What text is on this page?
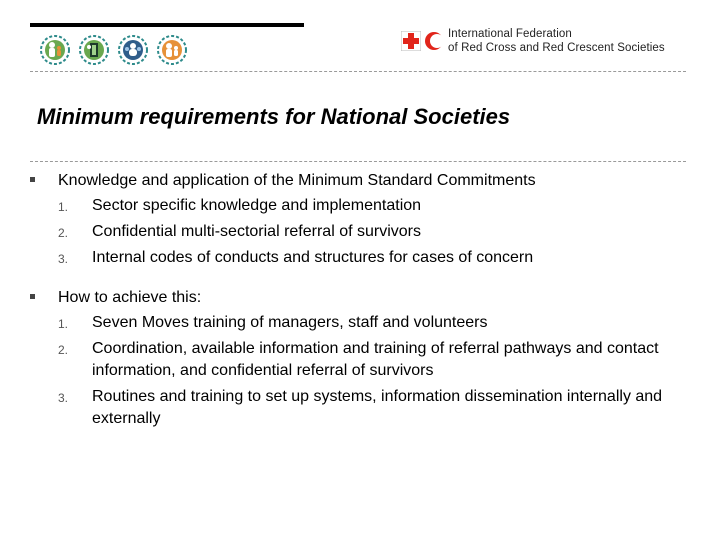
International Federation
of Red Cross and Red Crescent Societies
Minimum requirements for National Societies
Knowledge and application of the Minimum Standard Commitments
1. Sector specific knowledge and implementation
2. Confidential multi-sectorial referral of survivors
3. Internal codes of conducts and structures for cases of concern
How to achieve this:
1. Seven Moves training of managers, staff and volunteers
2. Coordination, available information and training of referral pathways and contact information, and confidential referral of survivors
3. Routines and training to set up systems, information dissemination internally and externally
